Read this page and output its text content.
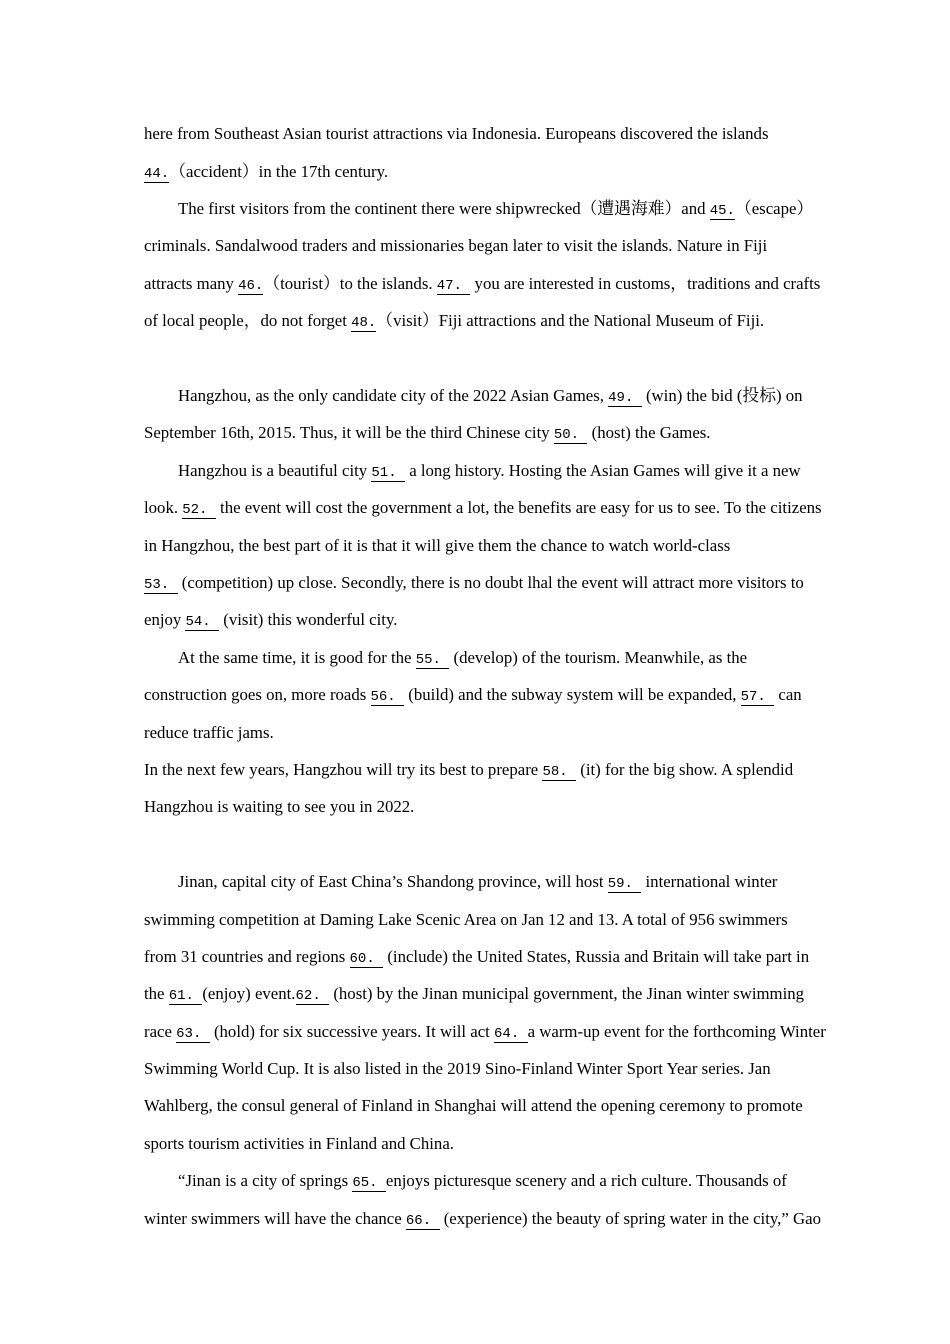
here from Southeast Asian tourist attractions via Indonesia. Europeans discovered the islands
44.（accident）in the 17th century.
The first visitors from the continent there were shipwrecked（遭遇海难）and 45.（escape）
criminals. Sandalwood traders and missionaries began later to visit the islands. Nature in Fiji
attracts many 46.（tourist）to the islands. 47. you are interested in customs，traditions and crafts
of local people，do not forget 48.（visit）Fiji attractions and the National Museum of Fiji.
Hangzhou, as the only candidate city of the 2022 Asian Games, 49. (win) the bid (投标) on
September 16th, 2015. Thus, it will be the third Chinese city 50. (host) the Games.
Hangzhou is a beautiful city 51. a long history. Hosting the Asian Games will give it a new
look. 52. the event will cost the government a lot, the benefits are easy for us to see. To the citizens
in Hangzhou, the best part of it is that it will give them the chance to watch world-class
53. (competition) up close. Secondly, there is no doubt lhal the event will attract more visitors to
enjoy 54. (visit) this wonderful city.
At the same time, it is good for the 55. (develop) of the tourism. Meanwhile, as the
construction goes on, more roads 56. (build) and the subway system will be expanded, 57. can
reduce traffic jams.
In the next few years, Hangzhou will try its best to prepare 58. (it) for the big show. A splendid
Hangzhou is waiting to see you in 2022.
Jinan, capital city of East China’s Shandong province, will host 59. international winter
swimming competition at Daming Lake Scenic Area on Jan 12 and 13. A total of 956 swimmers
from 31 countries and regions 60. (include) the United States, Russia and Britain will take part in
the 61. (enjoy) event.62. (host) by the Jinan municipal government, the Jinan winter swimming
race 63. (hold) for six successive years. It will act 64. a warm-up event for the forthcoming Winter
Swimming World Cup. It is also listed in the 2019 Sino-Finland Winter Sport Year series. Jan
Wahlberg, the consul general of Finland in Shanghai will attend the opening ceremony to promote
sports tourism activities in Finland and China.
“Jinan is a city of springs 65. enjoys picturesque scenery and a rich culture. Thousands of
winter swimmers will have the chance 66. (experience) the beauty of spring water in the city,” Gao
